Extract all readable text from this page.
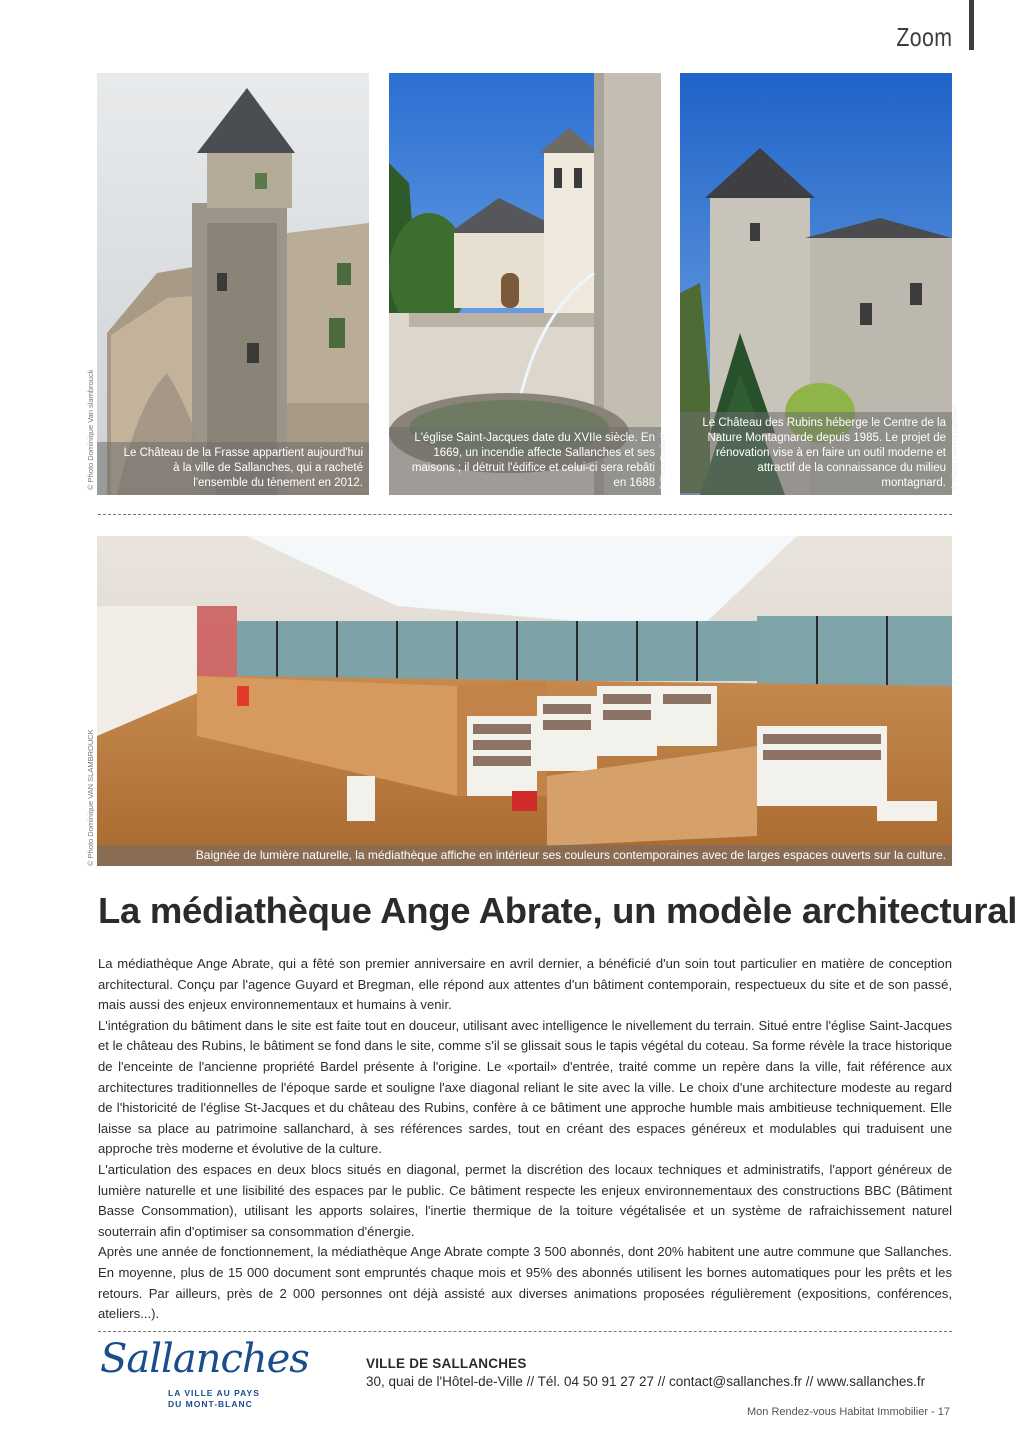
Zoom
Le Château de la Frasse appartient aujourd'hui à la ville de Sallanches, qui a racheté l'ensemble du tènement en 2012.
© Photo Dominique Van slambrouck	L'église Saint-Jacques date du XVIIe siècle. En 1669, un incendie affecte Sallanches et ses maisons ; il détruit l'édifice et celui-ci sera rebâti en 1688 © Photo Studio K
Le Château des Rubins héberge le Centre de la Nature Montagnarde depuis 1985. Le projet de rénovation vise à en faire un outil moderne et attractif de la connaissance du milieu montagnard. © Photo Laurent Lambert
Baignée de lumière naturelle, la médiathèque affiche en intérieur ses couleurs contemporaines avec de larges espaces ouverts sur la culture.
© Photo Dominique VAN SLAMBROUCK
La médiathèque Ange Abrate, un modèle architectural

La médiathèque Ange Abrate, qui a fêté son premier anniversaire en avril dernier, a bénéficié d'un soin tout particulier en matière de conception architectural. Conçu par l'agence Guyard et Bregman, elle répond aux attentes d'un bâtiment contemporain, respectueux du site et de son passé, mais aussi des enjeux environnementaux et humains à venir.

L'intégration du bâtiment dans le site est faite tout en douceur, utilisant avec intelligence le nivellement du terrain. Situé entre l'église Saint-Jacques et le château des Rubins, le bâtiment se fond dans le site, comme s'il se glissait sous le tapis végétal du coteau. Sa forme révèle la trace historique de l'enceinte de l'ancienne propriété Bardel présente à l'origine. Le «portail» d'entrée, traité comme un repère dans la ville, fait référence aux architectures traditionnelles de l'époque sarde et souligne l'axe diagonal reliant le site avec la ville. Le choix d'une architecture modeste au regard de l'historicité de l'église St-Jacques et du château des Rubins, confère à ce bâtiment une approche humble mais ambitieuse techniquement. Elle laisse sa place au patrimoine sallanchard, à ses références sardes, tout en créant des espaces généreux et modulables qui traduisent une approche très moderne et évolutive de la culture.

L'articulation des espaces en deux blocs situés en diagonal, permet la discrétion des locaux techniques et administratifs, l'apport généreux de lumière naturelle et une lisibilité des espaces par le public. Ce bâtiment respecte les enjeux environnementaux des constructions BBC (Bâtiment Basse Consommation), utilisant les apports solaires, l'inertie thermique de la toiture végétalisée et un système de rafraichissement naturel souterrain afin d'optimiser sa consommation d'énergie.

Après une année de fonctionnement, la médiathèque Ange Abrate compte 3 500 abonnés, dont 20% habitent une autre commune que Sallanches. En moyenne, plus de 15 000 document sont empruntés chaque mois et 95% des abonnés utilisent les bornes automatiques pour les prêts et les retours. Par ailleurs, près de 2 000 personnes ont déjà assisté aux diverses animations proposées régulièrement (expositions, conférences, ateliers...).

Sallanches
LA VILLE AU PAYS
DU MONT-BLANC
VILLE DE SALLANCHES
30, quai de l'Hôtel-de-Ville // Tél. 04 50 91 27 27 // contact@sallanches.fr // www.sallanches.fr
Mon Rendez-vous Habitat Immobilier - 17
